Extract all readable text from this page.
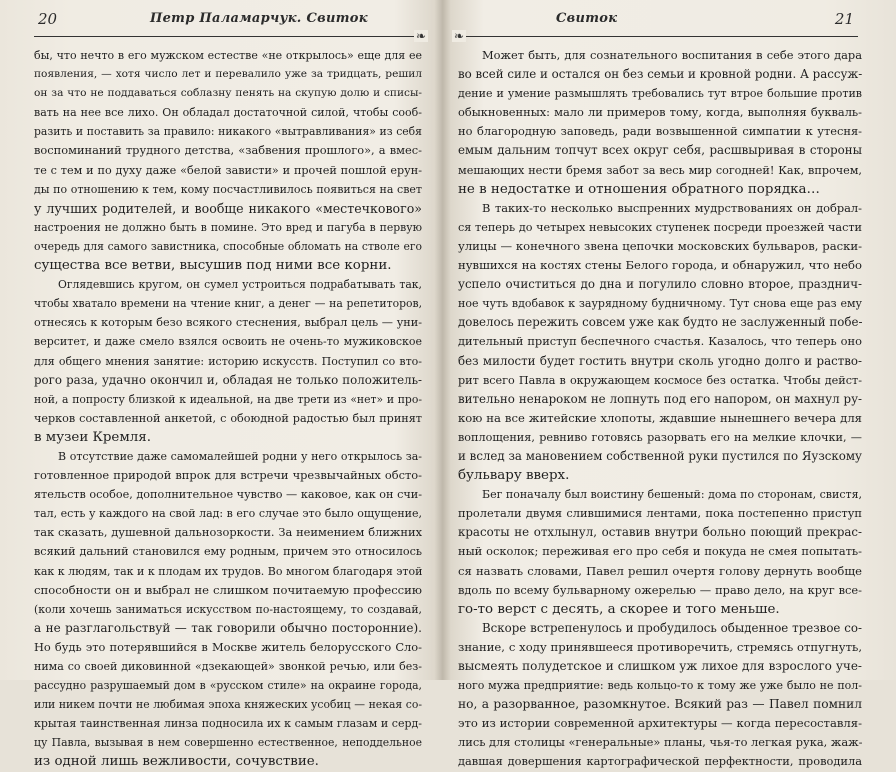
20	Петр Паламарчук. Свиток
❧
бы, что нечто в его мужском естестве «не открылось» еще для ее
появления, — хотя число лет и перевалило уже за тридцать, решил
он за что не поддаваться соблазну пенять на скупую долю и списы-
вать на нее все лихо. Он обладал достаточной силой, чтобы сооб-
разить и поставить за правило: никакого «вытравливания» из себя
воспоминаний трудного детства, «забвения прошлого», а вмес-
те с тем и по духу даже «белой зависти» и прочей пошлой ерун-
ды по отношению к тем, кому посчастливилось появиться на свет
у лучших родителей, и вообще никакого «местечкового»
настроения не должно быть в помине. Это вред и пагуба в первую
очередь для самого завистника, способные обломать на стволе его
существа все ветви, высушив под ними все корни.
Оглядевшись кругом, он сумел устроиться подрабатывать так,
чтобы хватало времени на чтение книг, а денег — на репетиторов,
отнесясь к которым безо всякого стеснения, выбрал цель — уни-
верситет, и даже смело взялся освоить не очень-то мужиковское
для общего мнения занятие: историю искусств. Поступил со вто-
рого раза, удачно окончил и, обладая не только положитель-
ной, а попросту близкой к идеальной, на две трети из «нет» и про-
черков составленной анкетой, с обоюдной радостью был принят
в музеи Кремля.
В отсутствие даже самомалейшей родни у него открылось за-
готовленное природой впрок для встречи чрезвычайных обсто-
ятельств особое, дополнительное чувство — каковое, как он счи-
тал, есть у каждого на свой лад: в его случае это было ощущение,
так сказать, душевной дальнозоркости. За неимением ближних
всякий дальний становился ему родным, причем это относилось
как к людям, так и к плодам их трудов. Во многом благодаря этой
способности он и выбрал не слишком почитаемую профессию
(коли хочешь заниматься искусством по-настоящему, то создавай,
а не разглагольствуй — так говорили обычно посторонние).
Но будь это потерявшийся в Москве житель белорусского Сло-
нима со своей диковинной «дзекающей» звонкой речью, или без-
рассудно разрушаемый дом в «русском стиле» на окраине города,
или никем почти не любимая эпоха княжеских усобиц — некая со-
крытая таинственная линза подносила их к самым глазам и серд-
цу Павла, вызывая в нем совершенно естественное, неподдельное
из одной лишь вежливости, сочувствие.
Свиток	21
❧
Может быть, для сознательного воспитания в себе этого дара
во всей силе и остался он без семьи и кровной родни. А рассуж-
дение и умение размышлять требовались тут втрое большие против
обыкновенных: мало ли примеров тому, когда, выполняя букваль-
но благородную заповедь, ради возвышенной симпатии к утесня-
емым дальним топчут всех округ себя, расшвыривая в стороны
мешающих нести бремя забот за весь мир согодней! Как, впрочем,
не в недостатке и отношения обратного порядка…
В таких-то несколько выспренних мудрствованиях он добрал-
ся теперь до четырех невысоких ступенек посреди проезжей части
улицы — конечного звена цепочки московских бульваров, раски-
нувшихся на костях стены Белого города, и обнаружил, что небо
успело очиститься до дна и погулило словно второе, празднич-
ное чуть вдобавок к заурядному будничному. Тут снова еще раз ему
довелось пережить совсем уже как будто не заслуженный побе-
дительный приступ беспечного счастья. Казалось, что теперь оно
без милости будет гостить внутри сколь угодно долго и раство-
рит всего Павла в окружающем космосе без остатка. Чтобы дейст-
вительно ненароком не лопнуть под его напором, он махнул ру-
кою на все житейские хлопоты, ждавшие нынешнего вечера для
воплощения, ревниво готовясь разорвать его на мелкие клочки, —
и вслед за мановением собственной руки пустился по Яузскому
бульвару вверх.
Бег поначалу был воистину бешеный: дома по сторонам, свистя,
пролетали двумя слившимися лентами, пока постепенно приступ
красоты не отхлынул, оставив внутри больно поющий прекрас-
ный осколок; переживая его про себя и покуда не смея попытать-
ся назвать словами, Павел решил очертя голову дернуть вообще
вдоль по всему бульварному ожерелью — право дело, на круг все-
го-то верст с десять, а скорее и того меньше.
Вскоре встрепенулось и пробудилось обыденное трезвое со-
знание, с ходу принявшееся противоречить, стремясь отпугнуть,
высмеять полудетское и слишком уж лихое для взрослого уче-
ного мужа предприятие: ведь кольцо-то к тому же уже было не пол-
но, а разорванное, разомкнутое. Всякий раз — Павел помнил
это из истории современной архитектуры — когда пересоставля-
лись для столицы «генеральные» планы, чья-то легкая рука, жаж-
давшая довершения картографической перфектности, проводила
